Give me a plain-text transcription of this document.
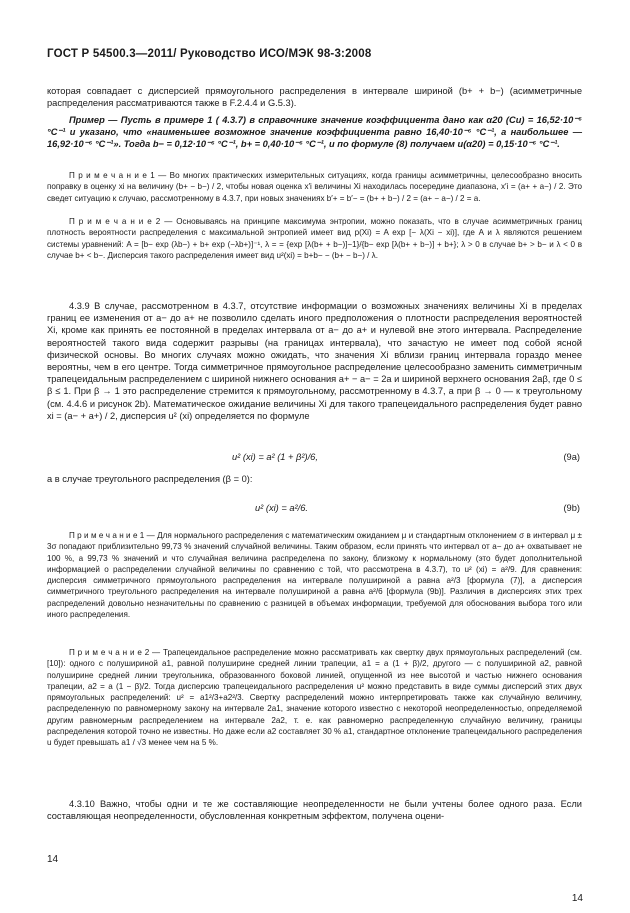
ГОСТ Р 54500.3—2011/ Руководство ИСО/МЭК 98-3:2008

которая совпадает с дисперсией прямоугольного распределения в интервале шириной (b+ + b−) (асимметричные распределения рассматриваются также в F.2.4.4 и G.5.3).

Пример — Пусть в примере 1 ( 4.3.7) в справочнике значение коэффициента дано как α20 (Cu) = 16,52·10⁻⁶ °C⁻¹ и указано, что «наименьшее возможное значение коэффициента равно 16,40·10⁻⁶ °C⁻¹, а наибольшее — 16,92·10⁻⁶ °C⁻¹». Тогда b− = 0,12·10⁻⁶ °C⁻¹, b+ = 0,40·10⁻⁶ °C⁻¹, и по формуле (8) получаем u(α20) = 0,15·10⁻⁶ °C⁻¹.

П р и м е ч а н и е 1 — Во многих практических измерительных ситуациях, когда границы асимметричны, целесообразно вносить поправку в оценку xi на величину (b+ − b−) / 2, чтобы новая оценка x′i величины Xi находилась посередине диапазона, x′i = (a+ + a−) / 2. Это сведет ситуацию к случаю, рассмотренному в 4.3.7, при новых значениях b′+ = b′− = (b+ + b−) / 2 = (a+ − a−) / 2 = a.

П р и м е ч а н и е 2 — Основываясь на принципе максимума энтропии, можно показать, что в случае асимметричных границ плотность вероятности распределения с максимальной энтропией имеет вид p(Xi) = A exp [− λ(Xi − xi)], где A и λ являются решением системы уравнений: A = [b− exp (λb−) + b+ exp (−λb+)]⁻¹, λ = = {exp [λ(b+ + b−)]−1}/{b− exp [λ(b+ + b−)] + b+}; λ > 0 в случае b+ > b− и λ < 0 в случае b+ < b−. Дисперсия такого распределения имеет вид u²(xi) = b+b− − (b+ − b−) / λ.

4.3.9 В случае, рассмотренном в 4.3.7, отсутствие информации о возможных значениях величины Xi в пределах границ ее изменения от a− до a+ не позволило сделать иного предположения о плотности распределения вероятностей Xi, кроме как принять ее постоянной в пределах интервала от a− до a+ и нулевой вне этого интервала. Распределение вероятностей такого вида содержит разрывы (на границах интервала), что зачастую не имеет под собой ясной физической основы. Во многих случаях можно ожидать, что значения Xi вблизи границ интервала гораздо менее вероятны, чем в его центре. Тогда симметричное прямоугольное распределение целесообразно заменить симметричным трапецеидальным распределением с шириной нижнего основания a+ − a− = 2a и шириной верхнего основания 2aβ, где 0 ≤ β ≤ 1. При β → 1 это распределение стремится к прямоугольному, рассмотренному в 4.3.7, а при β → 0 — к треугольному (см. 4.4.6 и рисунок 2b). Математическое ожидание величины Xi для такого трапецеидального распределения будет равно xi = (a− + a+) / 2, дисперсия u² (xi) определяется по формуле

u² (xi) = a² (1 + β²)/6,	(9a)
а в случае треугольного распределения (β = 0):
u² (xi) = a²/6.	(9b)

П р и м е ч а н и е 1 — Для нормального распределения с математическим ожиданием μ и стандартным отклонением σ в интервал μ ± 3σ попадают приблизительно 99,73 % значений случайной величины. Таким образом, если принять что интервал от a− до a+ охватывает не 100 %, а 99,73 % значений и что случайная величина распределена по закону, близкому к нормальному (это будет дополнительной информацией о распределении случайной величины по сравнению с той, что рассмотрена в 4.3.7), то u² (xi) = a²/9. Для сравнения: дисперсия симметричного прямоугольного распределения на интервале полушириной a равна a²/3 [формула (7)], а дисперсия симметричного треугольного распределения на интервале полушириной a равна a²/6 [формула (9b)]. Различия в дисперсиях этих трех распределений довольно незначительны по сравнению с разницей в объемах информации, требуемой для обоснования выбора того или иного распределения.

П р и м е ч а н и е 2 — Трапецеидальное распределение можно рассматривать как свертку двух прямоугольных распределений (см. [10]): одного с полушириной a1, равной полуширине средней линии трапеции, a1 = a (1 + β)/2, другого — с полушириной a2, равной полуширине средней линии треугольника, образованного боковой линией, опущенной из нее высотой и частью нижнего основания трапеции, a2 = a (1 − β)/2. Тогда дисперсию трапецеидального распределения u² можно представить в виде суммы дисперсий этих двух прямоугольных распределений: u² = a1²/3+a2²/3. Свертку распределений можно интерпретировать также как случайную величину, распределенную по равномерному закону на интервале 2a1, значение которого известно с некоторой неопределенностью, определяемой другим равномерным распределением на интервале 2a2, т. е. как равномерно распределенную случайную величину, границы распределения которой точно не известны. Но даже если a2 составляет 30 % a1, стандартное отклонение трапецеидального распределения u будет превышать a1 / √3 менее чем на 5 %.

4.3.10 Важно, чтобы одни и те же составляющие неопределенности не были учтены более одного раза. Если составляющая неопределенности, обусловленная конкретным эффектом, получена оцени-

14
14
